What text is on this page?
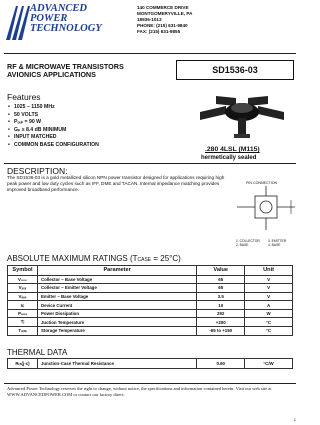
ADVANCED
POWER
TECHNOLOGY
140 COMMERCE DRIVE
MONTGOMERYVILLE, PA
18936-1013
PHONE: (215) 631-9840
FAX: (215) 631-9855
RF & MICROWAVE TRANSISTORS
AVIONICS APPLICATIONS	SD1536-03
Features
• 1025 – 1150 MHz
• 50 VOLTS
• Pₒᵤₜ = 90 W
• Gₚ ≥ 8.4 dB MINIMUM
• INPUT MATCHED
• COMMON BASE CONFIGURATION
.280 4LSL (M115)
hermetically sealed
DESCRIPTION:
The SD1536-03 is a gold metallized silicon NPN power transistor designed for applications requiring high peak power and low duty cycles such as IFF, DME and TACAN. Internal impedance matching provides improved broadband performance.
PIN CONNECTION
1. COLLECTOR
2. BASE
3. EMITTER
4. BASE
ABSOLUTE MAXIMUM RATINGS (TCASE = 25°C)
Symbol	Parameter	Value	Unit
V₀₀₀	Collector – Base Voltage	65	V
Vₓₓₓ	Collector – Emitter Voltage	65	V
Vₑₑₑ	Emitter – Base Voltage	3.5	V
Iᴄ	Device Current	10	A
P₉₉₉	Power Dissipation	292	W
Tⱼ	Juction Temperature	+200	°C
Tₛₜₘ	Storage Temperature	-65 to +150	°C
THERMAL DATA
Rₜₕ(j-c)	Junction-Case Thermal Resistance	0.60	°C/W
Advanced Power Technology reserves the right to change, without notice, the specifications and information contained herein. Visit our web site at WWW.ADVANCEDPOWER.COM or contact our factory direct.
1
